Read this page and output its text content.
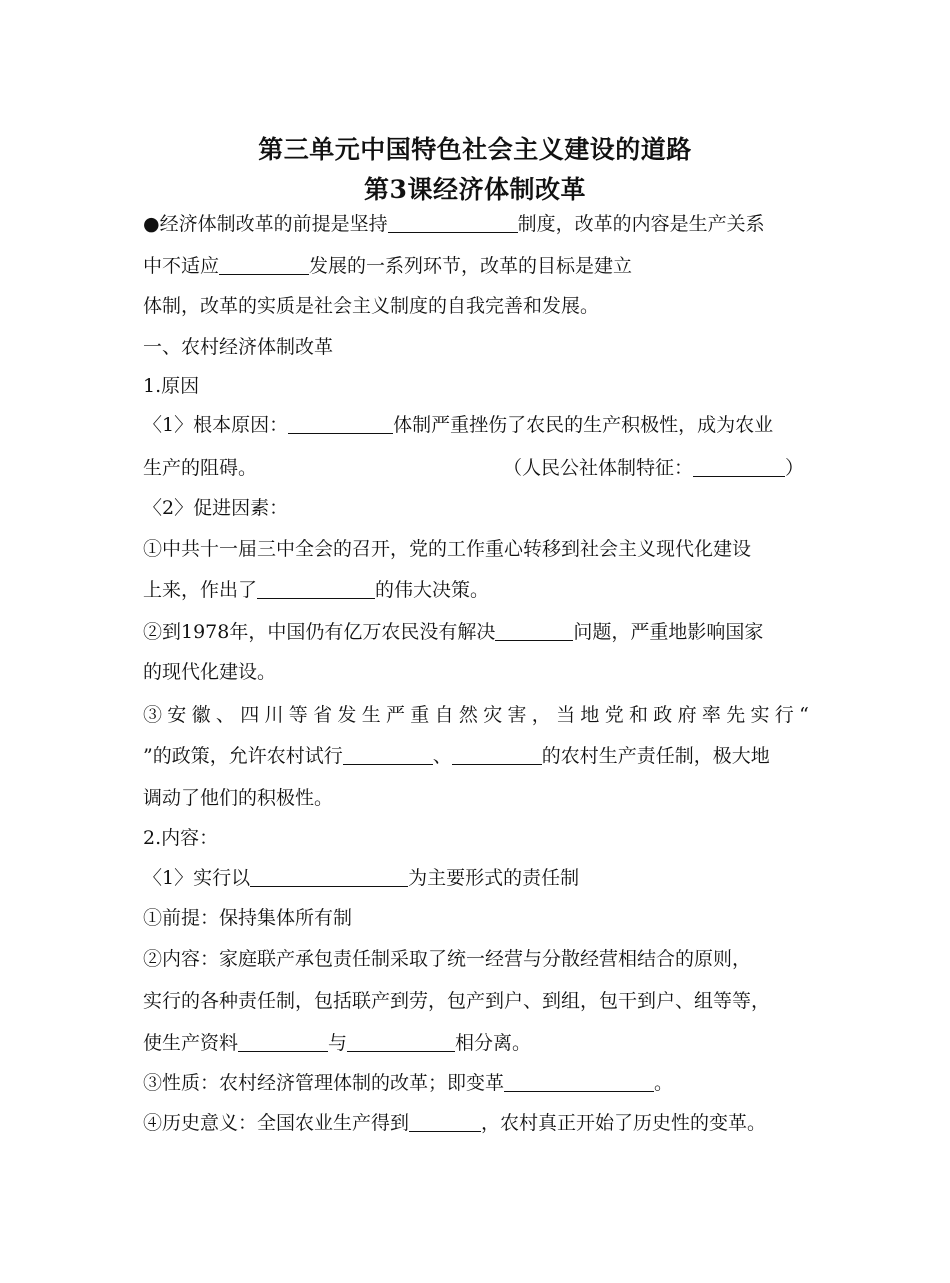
第三单元中国特色社会主义建设的道路
第3课经济体制改革
●经济体制改革的前提是坚持	制度，改革的内容是生产关系
中不适应	发展的一系列环节，改革的目标是建立
体制，改革的实质是社会主义制度的自我完善和发展。
一、农村经济体制改革
1.原因
〈1〉根本原因：	体制严重挫伤了农民的生产积极性，成为农业
生产的阻碍。	（人民公社体制特征：	）
〈2〉促进因素：
①中共十一届三中全会的召开，党的工作重心转移到社会主义现代化建设
上来，作出了	的伟大决策。
②到1978年，中国仍有亿万农民没有解决	问题，严重地影响国家
的现代化建设。
③安徽、四川等省发生严重自然灾害，当地党和政府率先实行“
”的政策，允许农村试行	、	的农村生产责任制，极大地
调动了他们的积极性。
2.内容：
〈1〉实行以	为主要形式的责任制
①前提：保持集体所有制
②内容：家庭联产承包责任制采取了统一经营与分散经营相结合的原则，
实行的各种责任制，包括联产到劳，包产到户、到组，包干到户、组等等，
使生产资料	与	相分离。
③性质：农村经济管理体制的改革；即变革	。
④历史意义：全国农业生产得到	，农村真正开始了历史性的变革。
